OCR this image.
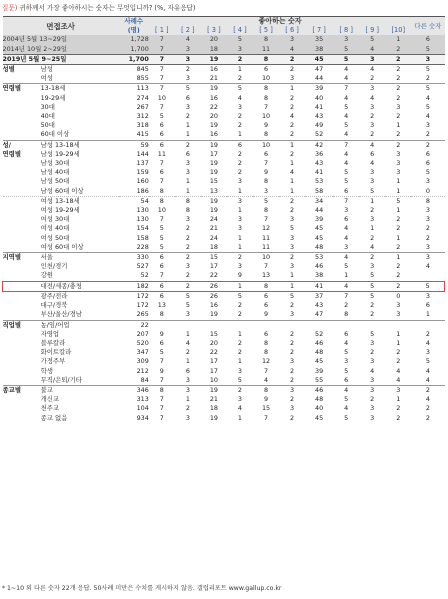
질문) 귀하께서 가장 좋아하시는 숫자는 무엇입니까? (%, 자유응답)
면접조사		사례수 (명)	좋아하는 숫자										다른 숫자
			[ 1 ]	[ 2 ]	[ 3 ]	[ 4 ]	[ 5 ]	[ 6 ]	[ 7 ]	[ 8 ]	[ 9 ]	[10]	
2004년 5월 13~29일		1,728	7	4	20	5	8	3	35	3	5	1	6
2014년 10월 2~29일		1,700	7	3	18	3	11	4	38	5	4	2	5
2019년 5월 9~25일		1,700	7	3	19	2	8	2	45	5	3	2	3
성별	남성	845	7	2	16	1	6	2	47	4	4	2	5
	여성	855	7	3	21	2	10	3	44	4	2	2	2
연령별	13-18세	113	7	5	19	5	8	1	39	7	3	2	5
	19-29세	274	10	6	16	4	8	2	40	4	4	2	4
	30대	267	7	3	22	3	7	2	41	5	3	3	5
	40대	312	5	2	20	2	10	4	43	4	2	2	4
	50대	318	6	1	19	2	9	2	49	5	3	1	3
	60대 이상	415	6	1	16	1	8	2	52	4	2	2	2
성/	남성 13-18세	59	6	2	19	6	10	1	42	7	4	2	2
연령별	남성 19-29세	144	11	6	17	2	6	2	36	4	6	3	6
	남성 30대	137	7	3	19	2	7	1	43	4	4	3	6
	남성 40대	159	6	3	19	2	9	4	41	5	3	3	5
	남성 50대	160	7	1	15	3	8	1	53	5	3	1	3
	남성 60대 이상	186	8	1	13	1	3	1	58	6	5	1	0
	여성 13-18세	54	8	8	19	3	5	2	34	7	1	5	8
	여성 19-29세	130	10	8	19	1	8	2	44	3	2	1	3
	여성 30대	130	7	3	24	3	7	3	39	6	3	2	3
	여성 40대	154	5	2	21	3	12	5	45	4	1	2	2
	여성 50대	158	5	2	24	1	11	3	45	4	2	1	2
	여성 60대 이상	228	5	2	18	1	11	3	48	3	4	2	3
지역별	서울	330	6	2	15	2	10	2	53	4	2	1	3
	인천/경기	527	6	3	17	3	7	3	46	5	3	2	4
	강원	52	7	2	22	9	13	1	38	1	5	2	
	대전/세종/충청	182	6	2	26	1	8	1	41	4	5	2	5
	광주/전라	172	6	5	26	5	6	5	37	7	5	0	3
	대구/경북	172	13	5	16	2	6	2	43	2	2	3	6
	부산/울산/경남	265	8	3	19	2	9	3	47	8	2	3	1
직업별	농/임/어업	22											
	자영업	207	9	1	15	1	6	2	52	6	5	1	2
	블루칼라	520	6	4	20	2	8	2	46	4	3	1	4
	화이트칼라	347	5	2	22	2	8	2	48	5	2	2	3
	가정주부	309	7	1	17	1	12	3	45	3	3	2	5
	학생	212	9	6	17	3	7	2	39	5	4	4	4
	무직/은퇴/기타	84	7	3	10	5	4	2	55	6	3	4	4
종교별	불교	346	8	3	19	2	8	3	46	4	3	3	2
	개신교	313	7	1	21	3	9	2	48	5	2	1	4
	천주교	104	7	2	18	4	15	3	40	4	3	2	2
	종교 없음	934	7	3	19	1	7	2	45	5	3	2	2
* 1~10 외 다른 숫자 22개 응답. 50사례 미만은 수치를 게시하지 않음. 갤럽리포트 www.gallup.co.kr
